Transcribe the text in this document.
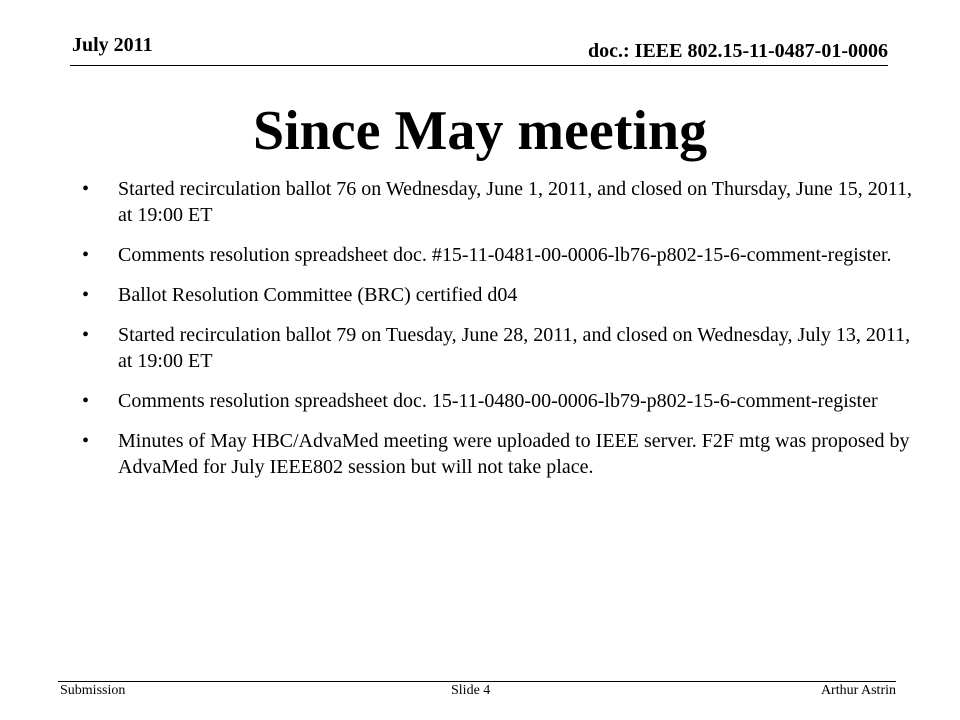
July 2011	doc.: IEEE 802.15-11-0487-01-0006
Since May meeting
•	Started recirculation ballot 76 on Wednesday, June 1, 2011, and closed on Thursday, June 15, 2011, at 19:00 ET
•	Comments resolution spreadsheet doc. #15-11-0481-00-0006-lb76-p802-15-6-comment-register.
•	Ballot Resolution Committee (BRC) certified d04
•	Started recirculation ballot 79 on Tuesday, June 28, 2011, and closed on Wednesday, July 13, 2011, at 19:00 ET
•	Comments resolution spreadsheet doc. 15-11-0480-00-0006-lb79-p802-15-6-comment-register
•	Minutes of May HBC/AdvaMed meeting were uploaded to IEEE server. F2F mtg was proposed by AdvaMed for July IEEE802 session but will not take place.
Submission	Slide 4	Arthur Astrin
